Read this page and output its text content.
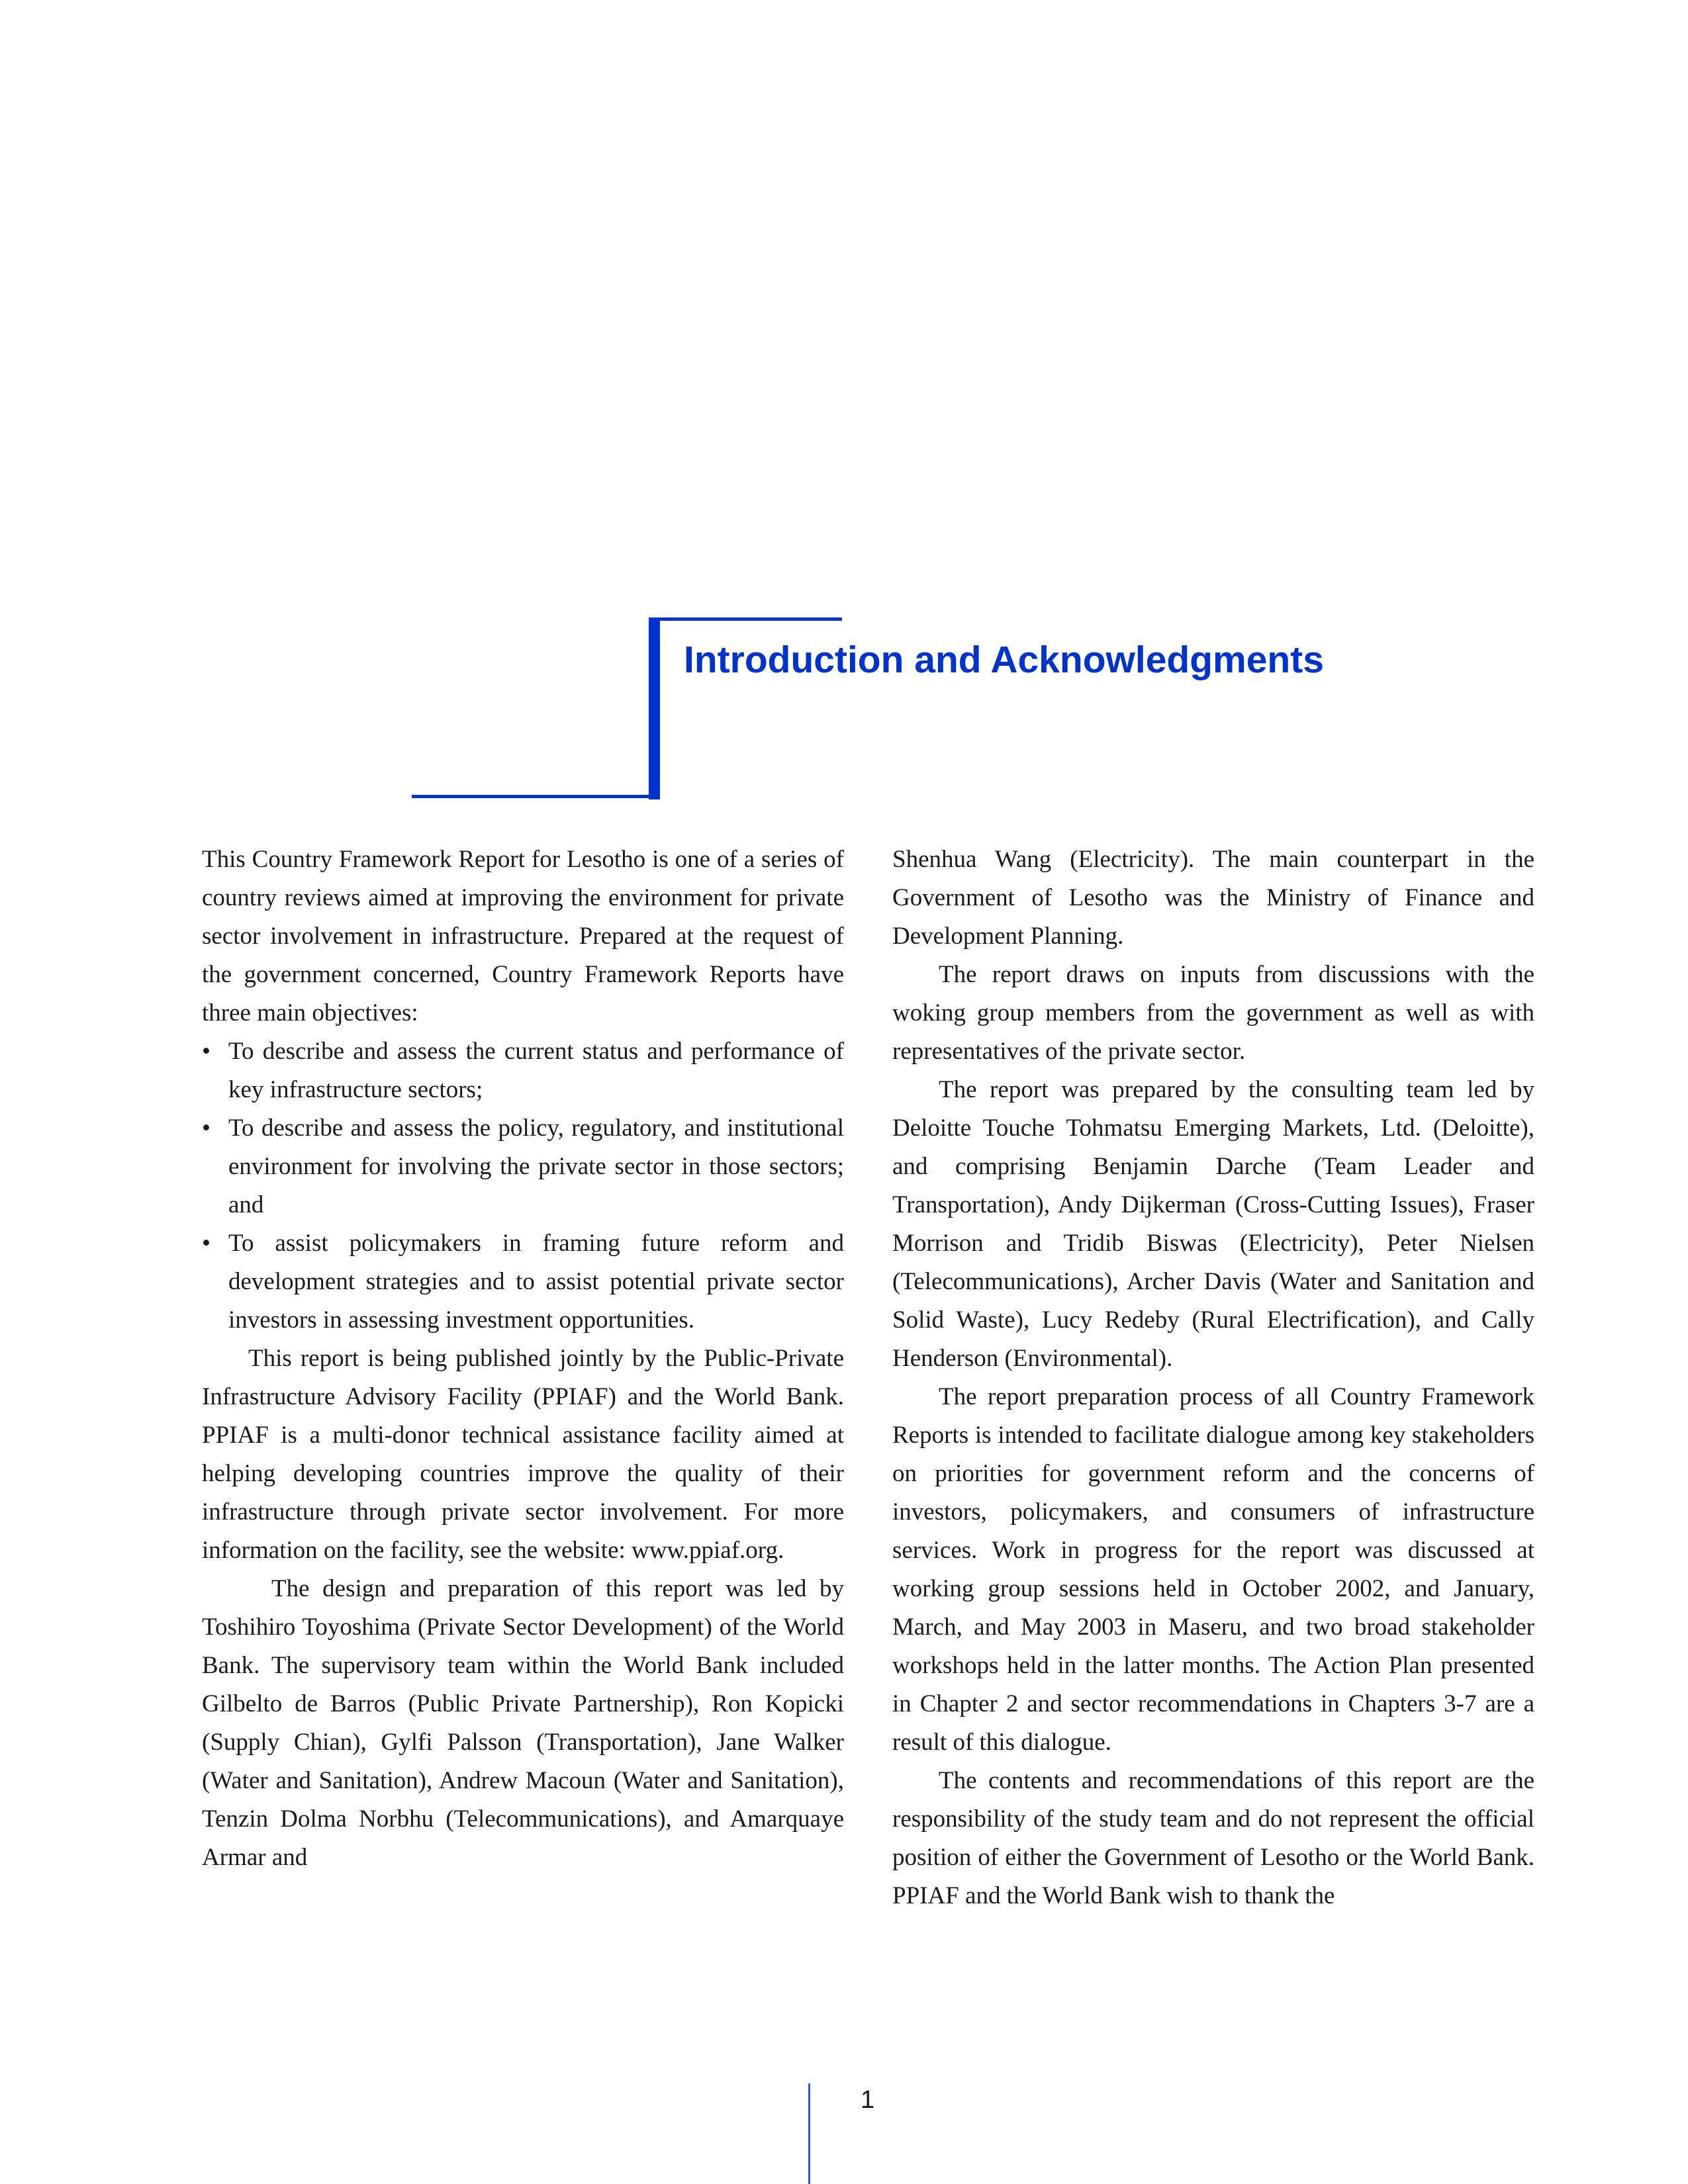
Introduction and Acknowledgments

This Country Framework Report for Lesotho is one of a series of country reviews aimed at improving the environment for private sector involvement in infrastructure. Prepared at the request of the government concerned, Country Framework Reports have three main objectives:

• To describe and assess the current status and performance of key infrastructure sectors;
• To describe and assess the policy, regulatory, and institutional environment for involving the private sector in those sectors; and
• To assist policymakers in framing future reform and development strategies and to assist potential private sector investors in assessing investment opportunities.

This report is being published jointly by the Public-Private Infrastructure Advisory Facility (PPIAF) and the World Bank. PPIAF is a multi-donor technical assistance facility aimed at helping developing countries improve the quality of their infrastructure through private sector involvement. For more information on the facility, see the website: www.ppiaf.org.

The design and preparation of this report was led by Toshihiro Toyoshima (Private Sector Development) of the World Bank. The supervisory team within the World Bank included Gilbelto de Barros (Public Private Partnership), Ron Kopicki (Supply Chian), Gylfi Palsson (Transportation), Jane Walker (Water and Sanitation), Andrew Macoun (Water and Sanitation), Tenzin Dolma Norbhu (Telecommunications), and Amarquaye Armar and

Shenhua Wang (Electricity). The main counterpart in the Government of Lesotho was the Ministry of Finance and Development Planning.

The report draws on inputs from discussions with the woking group members from the government as well as with representatives of the private sector.

The report was prepared by the consulting team led by Deloitte Touche Tohmatsu Emerging Markets, Ltd. (Deloitte), and comprising Benjamin Darche (Team Leader and Transportation), Andy Dijkerman (Cross-Cutting Issues), Fraser Morrison and Tridib Biswas (Electricity), Peter Nielsen (Telecommunications), Archer Davis (Water and Sanitation and Solid Waste), Lucy Redeby (Rural Electrification), and Cally Henderson (Environmental).

The report preparation process of all Country Framework Reports is intended to facilitate dialogue among key stakeholders on priorities for government reform and the concerns of investors, policymakers, and consumers of infrastructure services. Work in progress for the report was discussed at working group sessions held in October 2002, and January, March, and May 2003 in Maseru, and two broad stakeholder workshops held in the latter months. The Action Plan presented in Chapter 2 and sector recommendations in Chapters 3-7 are a result of this dialogue.

The contents and recommendations of this report are the responsibility of the study team and do not represent the official position of either the Government of Lesotho or the World Bank. PPIAF and the World Bank wish to thank the

1
